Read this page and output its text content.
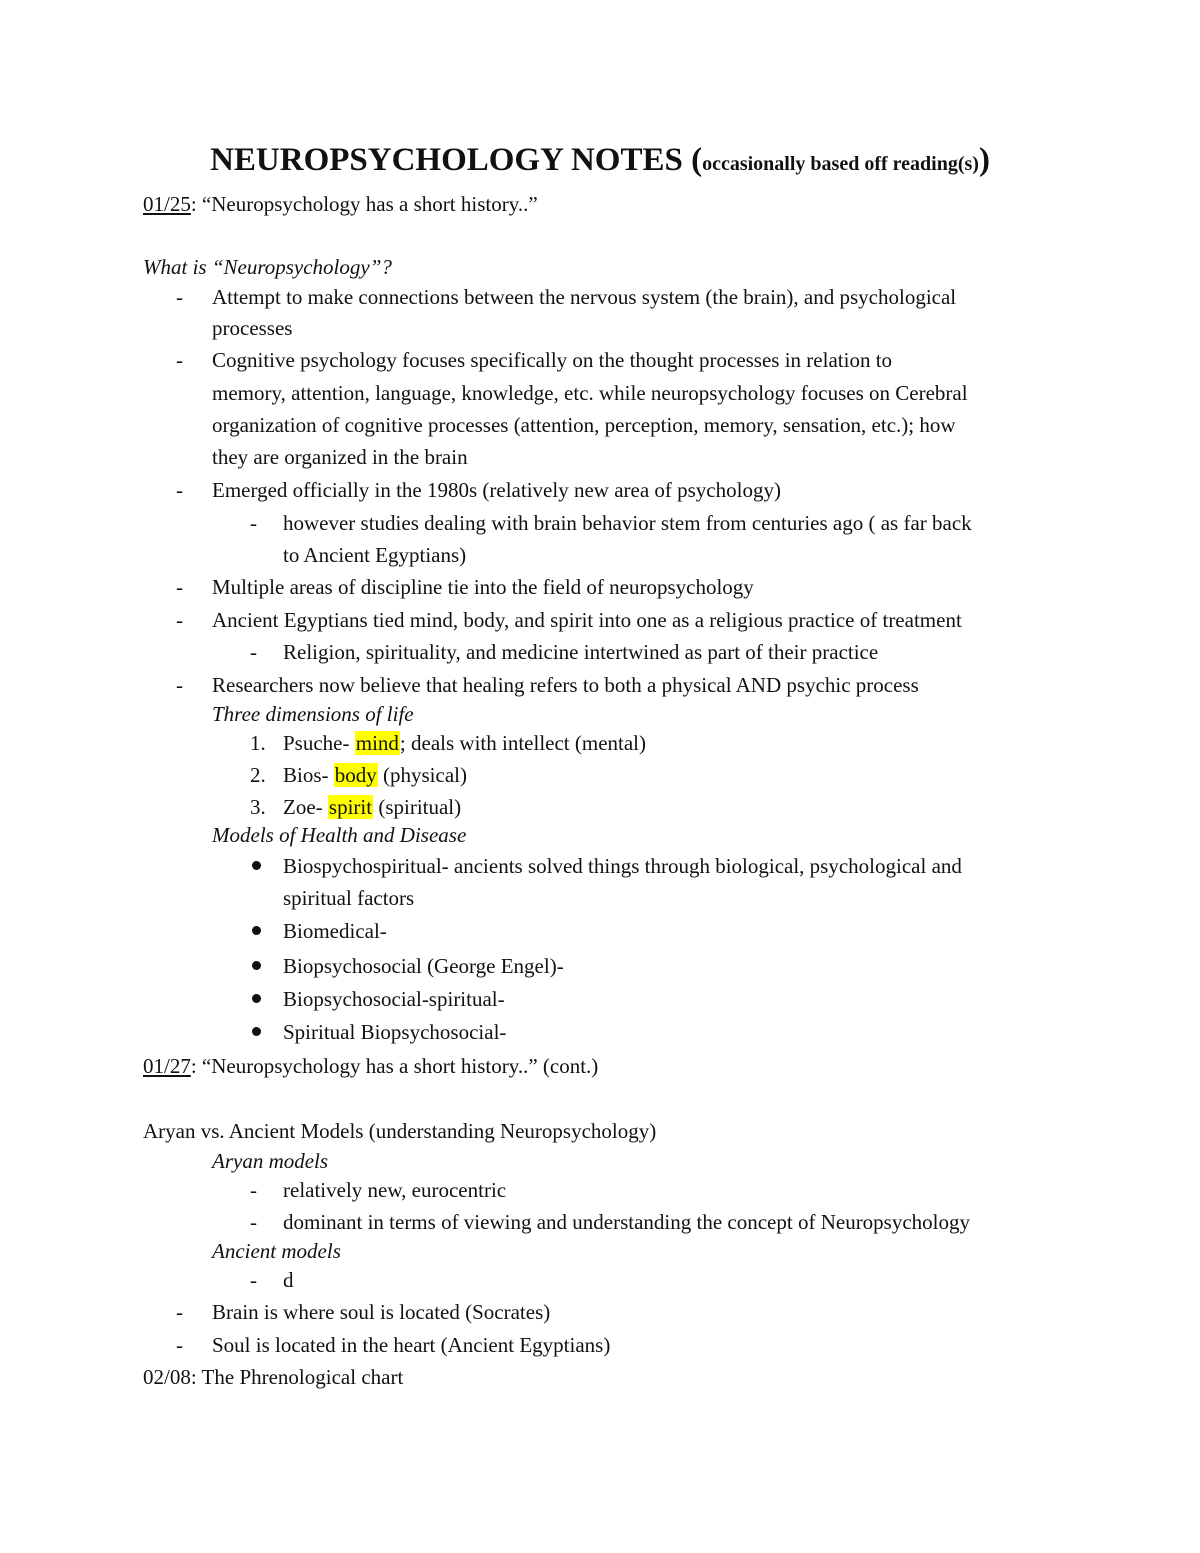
NEUROPSYCHOLOGY NOTES (occasionally based off reading(s))
01/25: “Neuropsychology has a short history..”
What is “Neuropsychology”?
- Attempt to make connections between the nervous system (the brain), and psychological
processes
- Cognitive psychology focuses specifically on the thought processes in relation to
memory, attention, language, knowledge, etc. while neuropsychology focuses on Cerebral
organization of cognitive processes (attention, perception, memory, sensation, etc.); how
they are organized in the brain
- Emerged officially in the 1980s (relatively new area of psychology)
- however studies dealing with brain behavior stem from centuries ago ( as far back
to Ancient Egyptians)
- Multiple areas of discipline tie into the field of neuropsychology
- Ancient Egyptians tied mind, body, and spirit into one as a religious practice of treatment
- Religion, spirituality, and medicine intertwined as part of their practice
- Researchers now believe that healing refers to both a physical AND psychic process
Three dimensions of life
1. Psuche- mind; deals with intellect (mental)
2. Bios- body (physical)
3. Zoe- spirit (spiritual)
Models of Health and Disease
Biospychospiritual- ancients solved things through biological, psychological and
spiritual factors
Biomedical-
Biopsychosocial (George Engel)-
Biopsychosocial-spiritual-
Spiritual Biopsychosocial-
01/27: “Neuropsychology has a short history..” (cont.)
Aryan vs. Ancient Models (understanding Neuropsychology)
Aryan models
- relatively new, eurocentric
- dominant in terms of viewing and understanding the concept of Neuropsychology
Ancient models
- d
- Brain is where soul is located (Socrates)
- Soul is located in the heart (Ancient Egyptians)
02/08: The Phrenological chart
